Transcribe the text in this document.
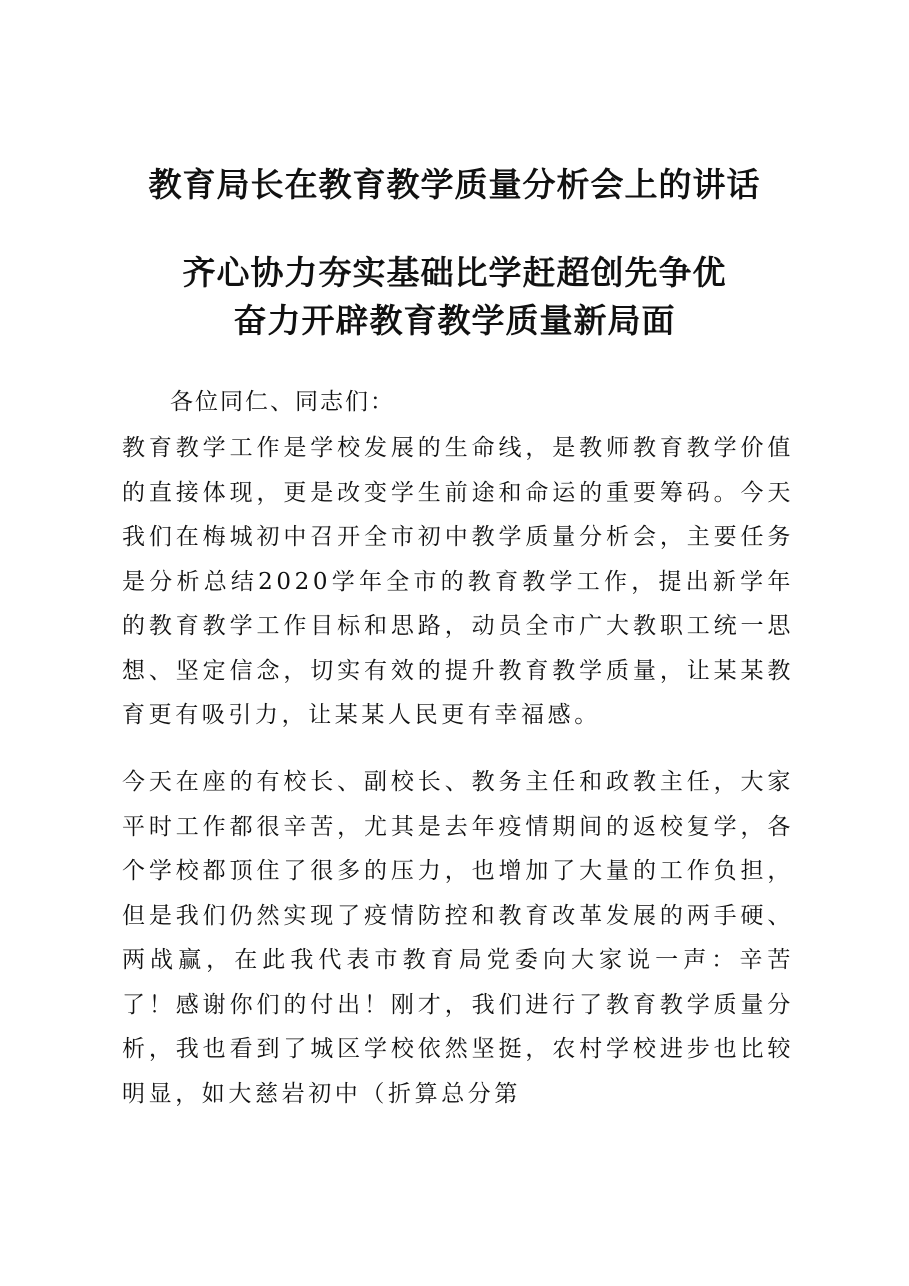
教育局长在教育教学质量分析会上的讲话
齐心协力夯实基础比学赶超创先争优
奋力开辟教育教学质量新局面
各位同仁、同志们：
教育教学工作是学校发展的生命线，是教师教育教学价值的直接体现，更是改变学生前途和命运的重要筹码。今天我们在梅城初中召开全市初中教学质量分析会，主要任务是分析总结2020学年全市的教育教学工作，提出新学年的教育教学工作目标和思路，动员全市广大教职工统一思想、坚定信念，切实有效的提升教育教学质量，让某某教育更有吸引力，让某某人民更有幸福感。
今天在座的有校长、副校长、教务主任和政教主任，大家平时工作都很辛苦，尤其是去年疫情期间的返校复学，各个学校都顶住了很多的压力，也增加了大量的工作负担，但是我们仍然实现了疫情防控和教育改革发展的两手硬、两战赢，在此我代表市教育局党委向大家说一声：辛苦了！感谢你们的付出！刚才，我们进行了教育教学质量分析，我也看到了城区学校依然坚挺，农村学校进步也比较明显，如大慈岩初中（折算总分第
